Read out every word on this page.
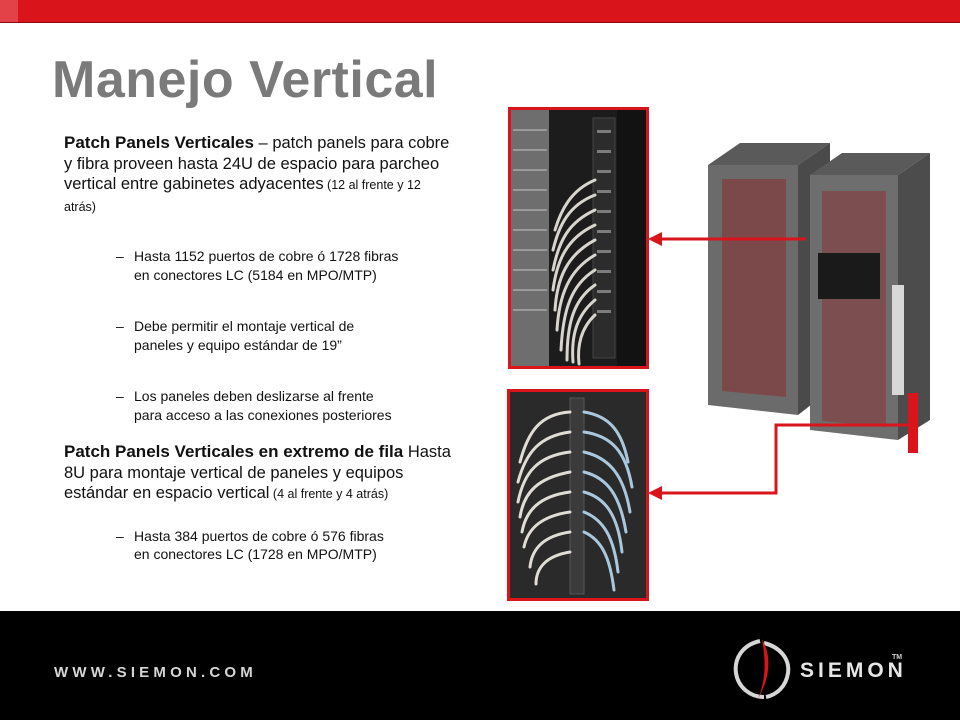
Manejo Vertical

Patch Panels Verticales – patch panels para cobre y fibra proveen hasta 24U de espacio para parcheo vertical entre gabinetes adyacentes (12 al frente y 12 atrás)

– Hasta 1152 puertos de cobre ó 1728 fibras
en conectores LC (5184 en MPO/MTP)
– Debe permitir el montaje vertical de
paneles y equipo estándar de 19”
– Los paneles deben deslizarse al frente
para acceso a las conexiones posteriores

Patch Panels Verticales en extremo de fila Hasta 8U para montaje vertical de paneles y equipos estándar en espacio vertical (4 al frente y 4 atrás)

– Hasta 384 puertos de cobre ó 576 fibras
en conectores LC (1728 en MPO/MTP)
WWW.SIEMON.COM	SIEMON
TM
